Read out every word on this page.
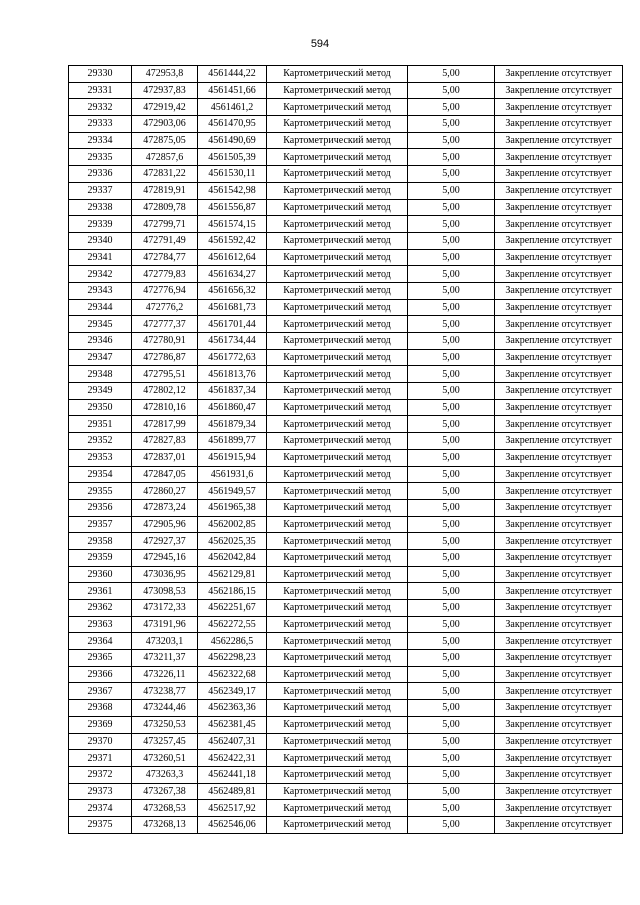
594
29330	472953,8	4561444,22	Картометрический метод	5,00	Закрепление отсутствует
29331	472937,83	4561451,66	Картометрический метод	5,00	Закрепление отсутствует
29332	472919,42	4561461,2	Картометрический метод	5,00	Закрепление отсутствует
29333	472903,06	4561470,95	Картометрический метод	5,00	Закрепление отсутствует
29334	472875,05	4561490,69	Картометрический метод	5,00	Закрепление отсутствует
29335	472857,6	4561505,39	Картометрический метод	5,00	Закрепление отсутствует
29336	472831,22	4561530,11	Картометрический метод	5,00	Закрепление отсутствует
29337	472819,91	4561542,98	Картометрический метод	5,00	Закрепление отсутствует
29338	472809,78	4561556,87	Картометрический метод	5,00	Закрепление отсутствует
29339	472799,71	4561574,15	Картометрический метод	5,00	Закрепление отсутствует
29340	472791,49	4561592,42	Картометрический метод	5,00	Закрепление отсутствует
29341	472784,77	4561612,64	Картометрический метод	5,00	Закрепление отсутствует
29342	472779,83	4561634,27	Картометрический метод	5,00	Закрепление отсутствует
29343	472776,94	4561656,32	Картометрический метод	5,00	Закрепление отсутствует
29344	472776,2	4561681,73	Картометрический метод	5,00	Закрепление отсутствует
29345	472777,37	4561701,44	Картометрический метод	5,00	Закрепление отсутствует
29346	472780,91	4561734,44	Картометрический метод	5,00	Закрепление отсутствует
29347	472786,87	4561772,63	Картометрический метод	5,00	Закрепление отсутствует
29348	472795,51	4561813,76	Картометрический метод	5,00	Закрепление отсутствует
29349	472802,12	4561837,34	Картометрический метод	5,00	Закрепление отсутствует
29350	472810,16	4561860,47	Картометрический метод	5,00	Закрепление отсутствует
29351	472817,99	4561879,34	Картометрический метод	5,00	Закрепление отсутствует
29352	472827,83	4561899,77	Картометрический метод	5,00	Закрепление отсутствует
29353	472837,01	4561915,94	Картометрический метод	5,00	Закрепление отсутствует
29354	472847,05	4561931,6	Картометрический метод	5,00	Закрепление отсутствует
29355	472860,27	4561949,57	Картометрический метод	5,00	Закрепление отсутствует
29356	472873,24	4561965,38	Картометрический метод	5,00	Закрепление отсутствует
29357	472905,96	4562002,85	Картометрический метод	5,00	Закрепление отсутствует
29358	472927,37	4562025,35	Картометрический метод	5,00	Закрепление отсутствует
29359	472945,16	4562042,84	Картометрический метод	5,00	Закрепление отсутствует
29360	473036,95	4562129,81	Картометрический метод	5,00	Закрепление отсутствует
29361	473098,53	4562186,15	Картометрический метод	5,00	Закрепление отсутствует
29362	473172,33	4562251,67	Картометрический метод	5,00	Закрепление отсутствует
29363	473191,96	4562272,55	Картометрический метод	5,00	Закрепление отсутствует
29364	473203,1	4562286,5	Картометрический метод	5,00	Закрепление отсутствует
29365	473211,37	4562298,23	Картометрический метод	5,00	Закрепление отсутствует
29366	473226,11	4562322,68	Картометрический метод	5,00	Закрепление отсутствует
29367	473238,77	4562349,17	Картометрический метод	5,00	Закрепление отсутствует
29368	473244,46	4562363,36	Картометрический метод	5,00	Закрепление отсутствует
29369	473250,53	4562381,45	Картометрический метод	5,00	Закрепление отсутствует
29370	473257,45	4562407,31	Картометрический метод	5,00	Закрепление отсутствует
29371	473260,51	4562422,31	Картометрический метод	5,00	Закрепление отсутствует
29372	473263,3	4562441,18	Картометрический метод	5,00	Закрепление отсутствует
29373	473267,38	4562489,81	Картометрический метод	5,00	Закрепление отсутствует
29374	473268,53	4562517,92	Картометрический метод	5,00	Закрепление отсутствует
29375	473268,13	4562546,06	Картометрический метод	5,00	Закрепление отсутствует
